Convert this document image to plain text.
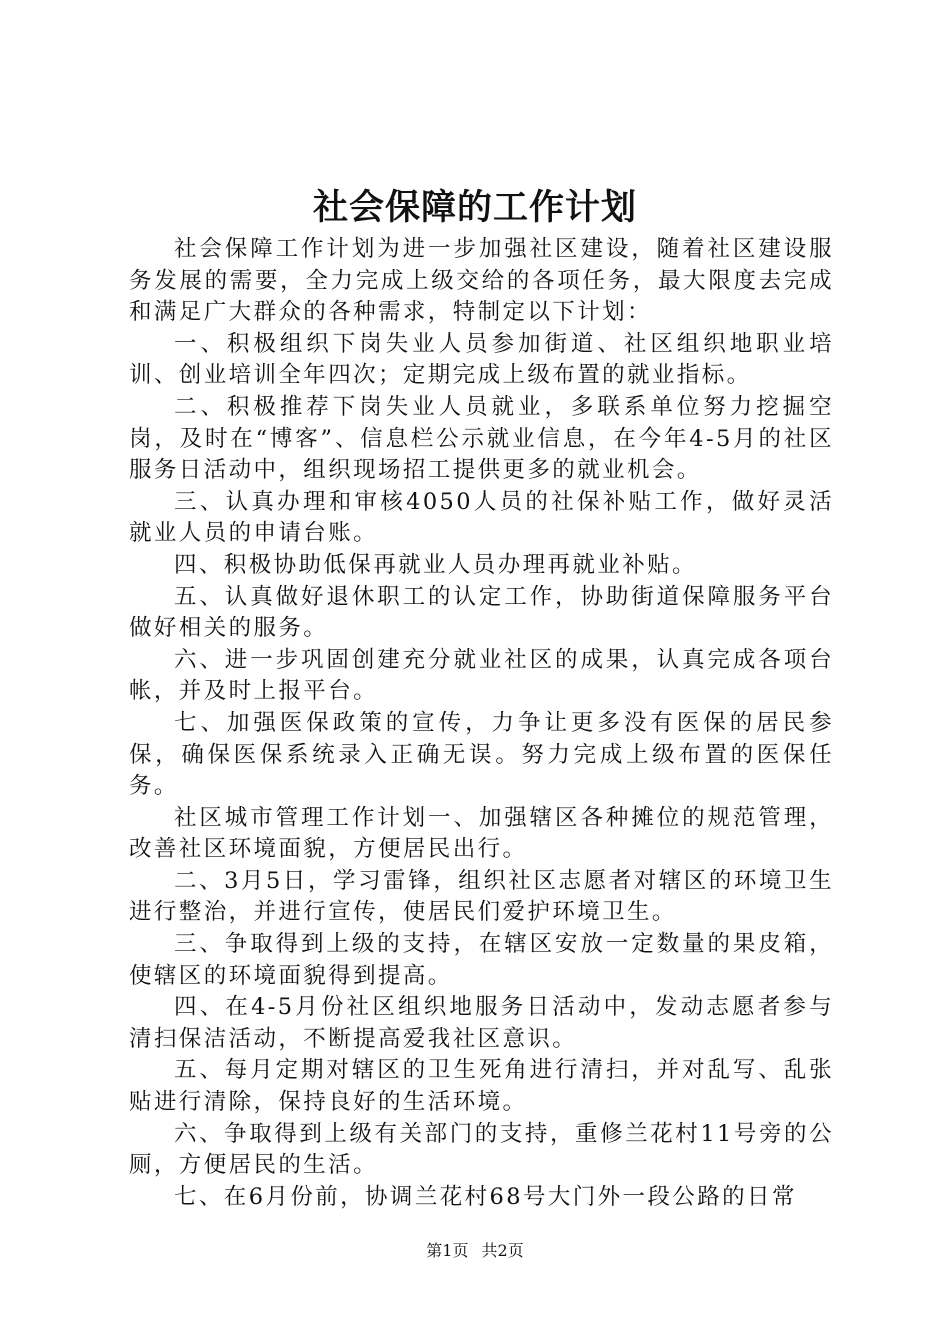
社会保障的工作计划

社会保障工作计划为进一步加强社区建设，随着社区建设服务发展的需要，全力完成上级交给的各项任务，最大限度去完成和满足广大群众的各种需求，特制定以下计划：

一、积极组织下岗失业人员参加街道、社区组织地职业培训、创业培训全年四次；定期完成上级布置的就业指标。

二、积极推荐下岗失业人员就业，多联系单位努力挖掘空岗，及时在“博客”、信息栏公示就业信息，在今年4-5月的社区服务日活动中，组织现场招工提供更多的就业机会。

三、认真办理和审核4050人员的社保补贴工作，做好灵活就业人员的申请台账。

四、积极协助低保再就业人员办理再就业补贴。

五、认真做好退休职工的认定工作，协助街道保障服务平台做好相关的服务。

六、进一步巩固创建充分就业社区的成果，认真完成各项台帐，并及时上报平台。

七、加强医保政策的宣传，力争让更多没有医保的居民参保，确保医保系统录入正确无误。努力完成上级布置的医保任务。

社区城市管理工作计划一、加强辖区各种摊位的规范管理，改善社区环境面貌，方便居民出行。

二、3月5日，学习雷锋，组织社区志愿者对辖区的环境卫生进行整治，并进行宣传，使居民们爱护环境卫生。

三、争取得到上级的支持，在辖区安放一定数量的果皮箱，使辖区的环境面貌得到提高。

四、在4-5月份社区组织地服务日活动中，发动志愿者参与清扫保洁活动，不断提高爱我社区意识。

五、每月定期对辖区的卫生死角进行清扫，并对乱写、乱张贴进行清除，保持良好的生活环境。

六、争取得到上级有关部门的支持，重修兰花村11号旁的公厕，方便居民的生活。

七、在6月份前，协调兰花村68号大门外一段公路的日常

第1页 共2页
